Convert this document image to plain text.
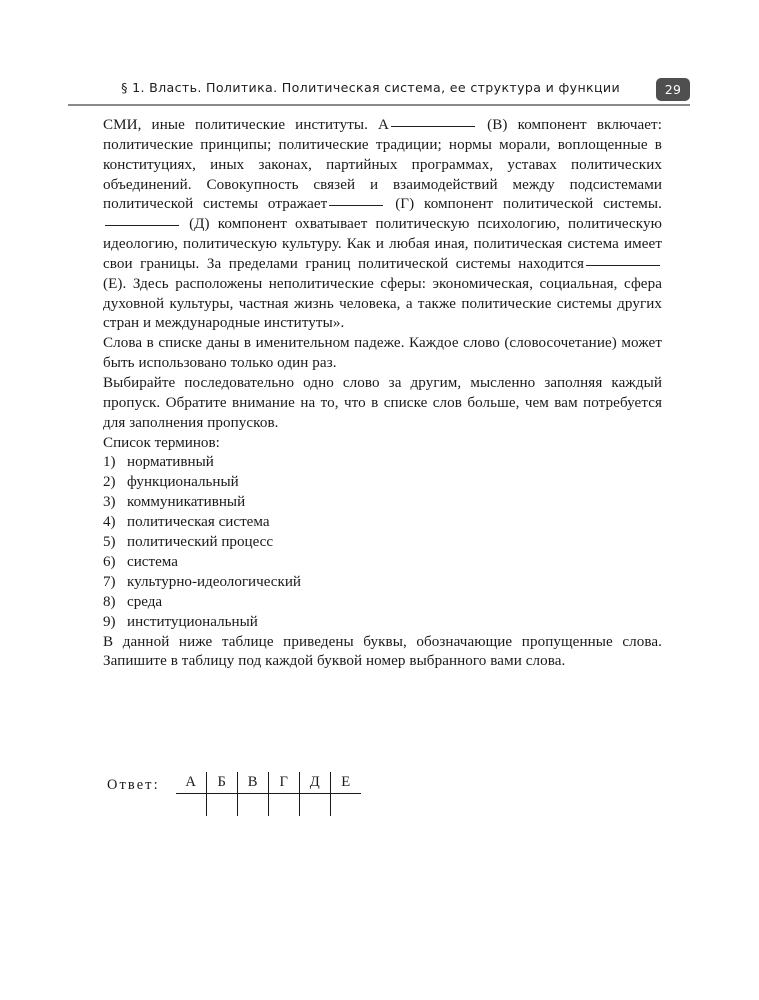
§ 1. Власть. Политика. Политическая система, ее структура и функции	29

СМИ, иные политические институты. А	(В) компонент включает: политические принципы; политические традиции; нормы морали, воплощенные в конституциях, иных законах, партийных программах, уставах политических объединений. Совокупность связей и взаимодействий между подсистемами политической системы отражает	(Г) компонент политической системы.  (Д) компонент охватывает политическую психологию, политическую идеологию, политическую культуру. Как и любая иная, политическая система имеет свои границы. За пределами границ политической системы находится (Е). Здесь расположены неполитические сферы: экономическая, социальная, сфера духовной культуры, частная жизнь человека, а также политические системы других стран и международные институты».

Слова в списке даны в именительном падеже. Каждое слово (словосочетание) может быть использовано только один раз.

Выбирайте последовательно одно слово за другим, мысленно заполняя каждый пропуск. Обратите внимание на то, что в списке слов больше, чем вам потребуется для заполнения пропусков.

Список терминов:

1) нормативный
2) функциональный
3) коммуникативный
4) политическая система
5) политический процесс
6) система
7) культурно-идеологический
8) среда
9) институциональный

В данной ниже таблице приведены буквы, обозначающие пропущенные слова. Запишите в таблицу под каждой буквой номер выбранного вами слова.

Ответ:	А	Б	В	Г	Д	Е
